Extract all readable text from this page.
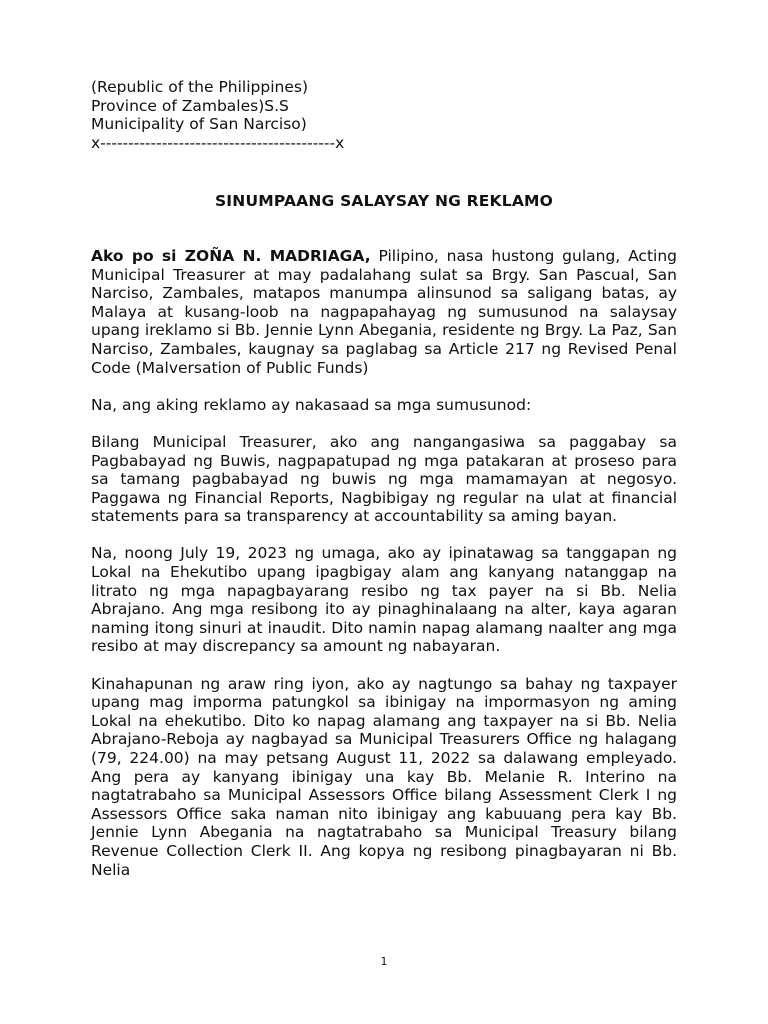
(Republic of the Philippines)
Province of Zambales)S.S
Municipality of San Narciso)
x------------------------------------------x
SINUMPAANG SALAYSAY NG REKLAMO
Ako po si ZOÑA N. MADRIAGA, Pilipino, nasa hustong gulang, Acting Municipal Treasurer at may padalahang sulat sa Brgy. San Pascual, San Narciso, Zambales, matapos manumpa alinsunod sa saligang batas, ay Malaya at kusang-loob na nagpapahayag ng sumusunod na salaysay upang ireklamo si Bb. Jennie Lynn Abegania, residente ng Brgy. La Paz, San Narciso, Zambales, kaugnay sa paglabag sa Article 217 ng Revised Penal Code (Malversation of Public Funds)

Na, ang aking reklamo ay nakasaad sa mga sumusunod:

Bilang Municipal Treasurer, ako ang nangangasiwa sa paggabay sa Pagbabayad ng Buwis, nagpapatupad ng mga patakaran at proseso para sa tamang pagbabayad ng buwis ng mga mamamayan at negosyo. Paggawa ng Financial Reports, Nagbibigay ng regular na ulat at financial statements para sa transparency at accountability sa aming bayan.

Na, noong July 19, 2023 ng umaga, ako ay ipinatawag sa tanggapan ng Lokal na Ehekutibo upang ipagbigay alam ang kanyang natanggap na litrato ng mga napagbayarang resibo ng tax payer na si Bb. Nelia Abrajano. Ang mga resibong ito ay pinaghinalaang na alter, kaya agaran naming itong sinuri at inaudit. Dito namin napag alamang naalter ang mga resibo at may discrepancy sa amount ng nabayaran.

Kinahapunan ng araw ring iyon, ako ay nagtungo sa bahay ng taxpayer upang mag imporma patungkol sa ibinigay na impormasyon ng aming Lokal na ehekutibo. Dito ko napag alamang ang taxpayer na si Bb. Nelia Abrajano-Reboja ay nagbayad sa Municipal Treasurers Office ng halagang (79, 224.00) na may petsang August 11, 2022 sa dalawang empleyado. Ang pera ay kanyang ibinigay una kay Bb. Melanie R. Interino na nagtatrabaho sa Municipal Assessors Office bilang Assessment Clerk I ng Assessors Office saka naman nito ibinigay ang kabuuang pera kay Bb. Jennie Lynn Abegania na nagtatrabaho sa Municipal Treasury bilang Revenue Collection Clerk II. Ang kopya ng resibong pinagbayaran ni Bb. Nelia

1
